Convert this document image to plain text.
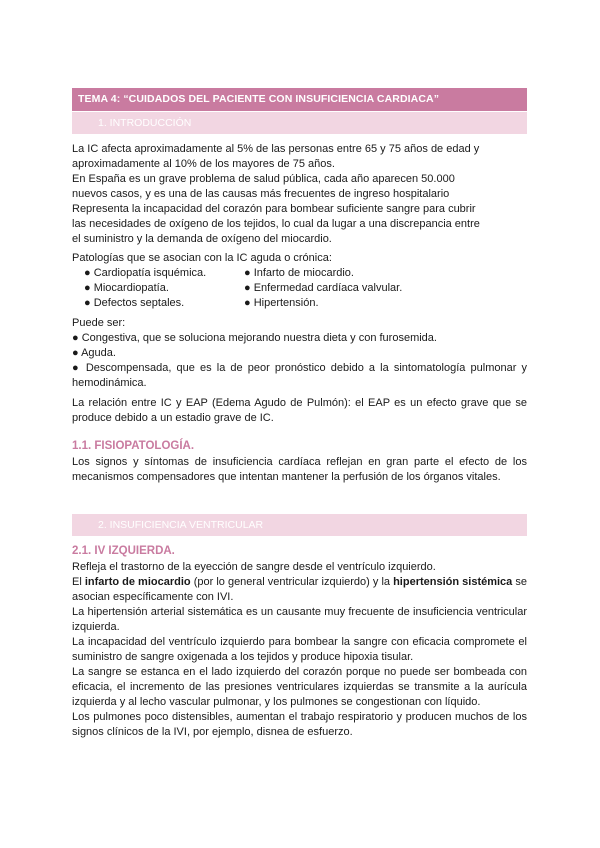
TEMA 4: “CUIDADOS DEL PACIENTE CON INSUFICIENCIA CARDIACA”
1. INTRODUCCIÓN

La IC afecta aproximadamente al 5% de las personas entre 65 y 75 años de edad y

aproximadamente al 10% de los mayores de 75 años.

En España es un grave problema de salud pública, cada año aparecen 50.000

nuevos casos, y es una de las causas más frecuentes de ingreso hospitalario

Representa la incapacidad del corazón para bombear suficiente sangre para cubrir

las necesidades de oxígeno de los tejidos, lo cual da lugar a una discrepancia entre

el suministro y la demanda de oxígeno del miocardio.

Patologías que se asocian con la IC aguda o crónica:

● Cardiopatía isquémica.

● Miocardiopatía.

● Defectos septales.

● Infarto de miocardio.

● Enfermedad cardíaca valvular.

● Hipertensión.

Puede ser:

● Congestiva, que se soluciona mejorando nuestra dieta y con furosemida.

● Aguda.

● Descompensada, que es la de peor pronóstico debido a la sintomatología pulmonar y hemodinámica.

La relación entre IC y EAP (Edema Agudo de Pulmón): el EAP es un efecto grave que se produce debido a un estadio grave de IC.
1.1. FISIOPATOLOGÍA.
Los signos y síntomas de insuficiencia cardíaca reflejan en gran parte el efecto de los mecanismos compensadores que intentan mantener la perfusión de los órganos vitales.
2. INSUFICIENCIA VENTRICULAR
2.1. IV IZQUIERDA.

Refleja el trastorno de la eyección de sangre desde el ventrículo izquierdo.

El infarto de miocardio (por lo general ventricular izquierdo) y la hipertensión sistémica se asocian específicamente con IVI.

La hipertensión arterial sistemática es un causante muy frecuente de insuficiencia ventricular izquierda.

La incapacidad del ventrículo izquierdo para bombear la sangre con eficacia compromete el suministro de sangre oxigenada a los tejidos y produce hipoxia tisular.

La sangre se estanca en el lado izquierdo del corazón porque no puede ser bombeada con eficacia, el incremento de las presiones ventriculares izquierdas se transmite a la aurícula izquierda y al lecho vascular pulmonar, y los pulmones se congestionan con líquido.

Los pulmones poco distensibles, aumentan el trabajo respiratorio y producen muchos de los signos clínicos de la IVI, por ejemplo, disnea de esfuerzo.
